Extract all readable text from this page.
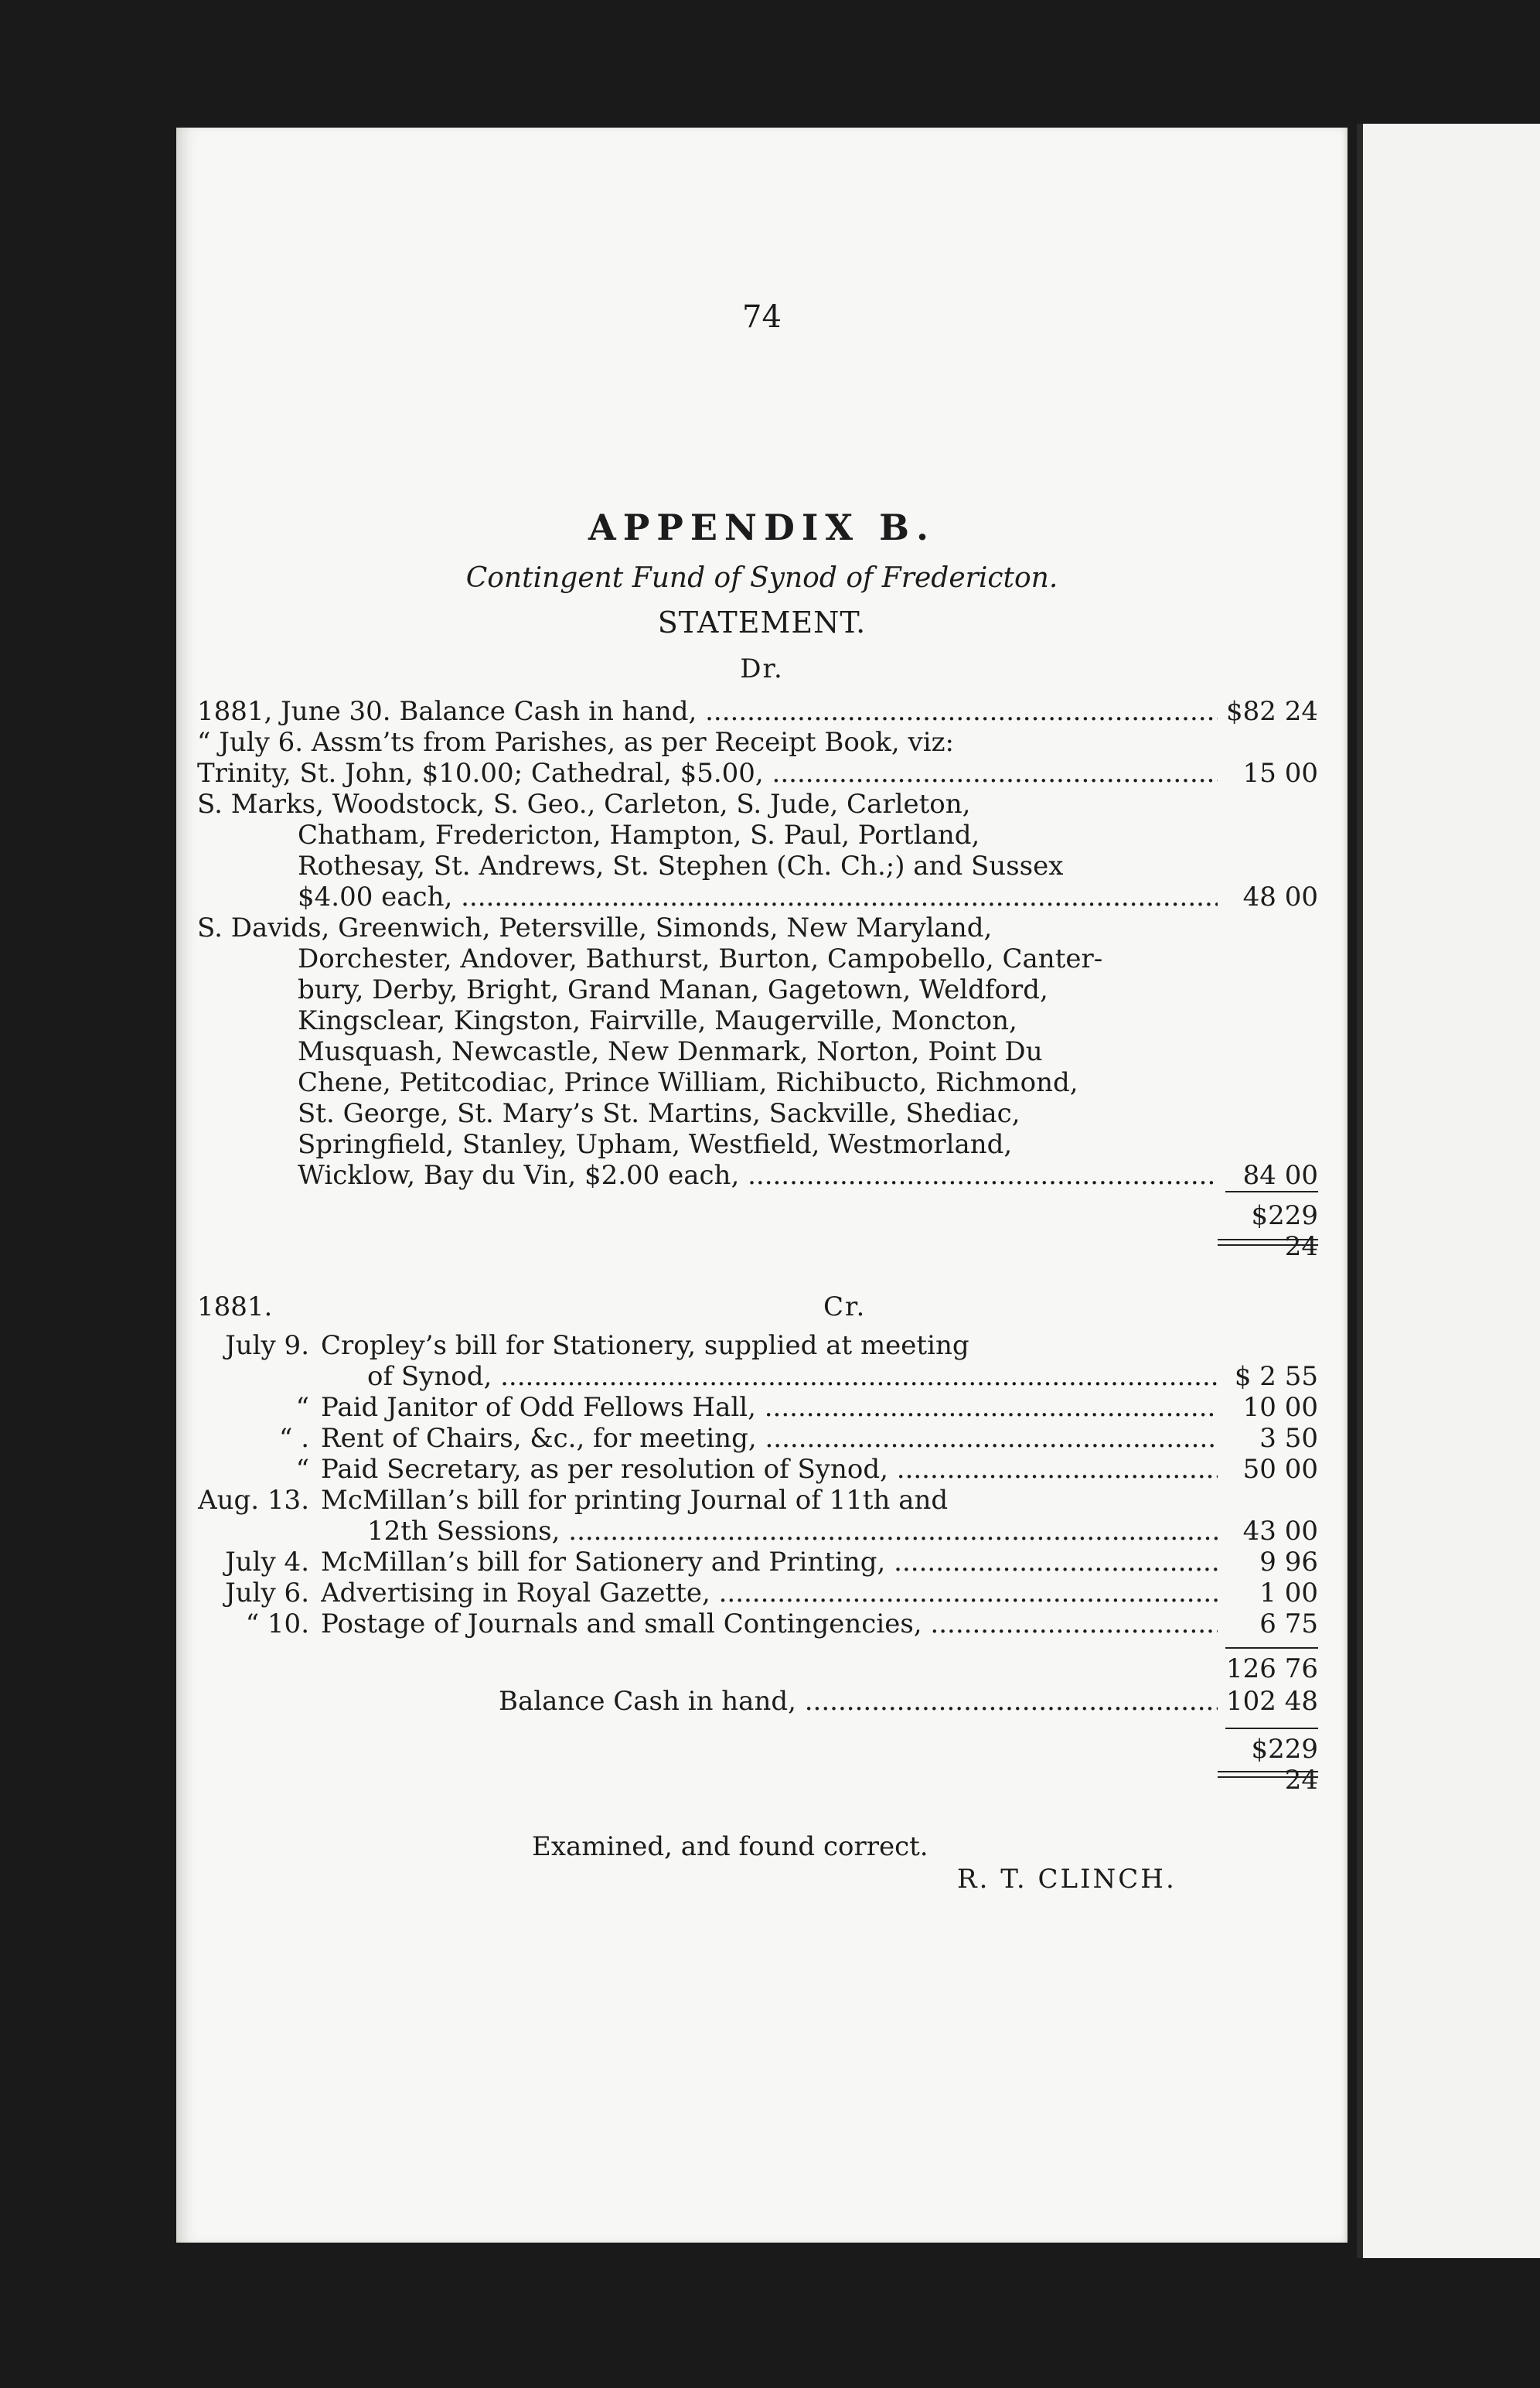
74
APPENDIX B.
Contingent Fund of Synod of Fredericton.
STATEMENT.
Dr.
1881, June 30. Balance Cash in hand, .....	$82 24
“ July 6. Assm’ts from Parishes, as per Receipt Book, viz:
Trinity, St. John, $10.00; Cathedral, $5.00, .....	15 00
S. Marks, Woodstock, S. Geo., Carleton, S. Jude, Carleton,
Chatham, Fredericton, Hampton, S. Paul, Portland,
Rothesay, St. Andrews, St. Stephen (Ch. Ch.;) and Sussex
$4.00 each, .....	48 00
S. Davids, Greenwich, Petersville, Simonds, New Maryland,
Dorchester, Andover, Bathurst, Burton, Campobello, Canter-
bury, Derby, Bright, Grand Manan, Gagetown, Weldford,
Kingsclear, Kingston, Fairville, Maugerville, Moncton,
Musquash, Newcastle, New Denmark, Norton, Point Du
Chene, Petitcodiac, Prince William, Richibucto, Richmond,
St. George, St. Mary’s St. Martins, Sackville, Shediac,
Springfield, Stanley, Upham, Westfield, Westmorland,
Wicklow, Bay du Vin, $2.00 each, .....	84 00
$229 24
1881.	Cr.
July 9. Cropley’s bill for Stationery, supplied at meeting
of Synod, .....	$ 2 55
“ Paid Janitor of Odd Fellows Hall, .....	10 00
“ . Rent of Chairs, &c., for meeting, .....	3 50
“ Paid Secretary, as per resolution of Synod, .....	50 00
Aug. 13. McMillan’s bill for printing Journal of 11th and
12th Sessions, .....	43 00
July 4. McMillan’s bill for Sationery and Printing, .....	9 96
July 6. Advertising in Royal Gazette, .....	1 00
“ 10. Postage of Journals and small Contingencies, .....	6 75
126 76
Balance Cash in hand, .....	102 48
$229 24
Examined, and found correct.
R. T. CLINCH.
